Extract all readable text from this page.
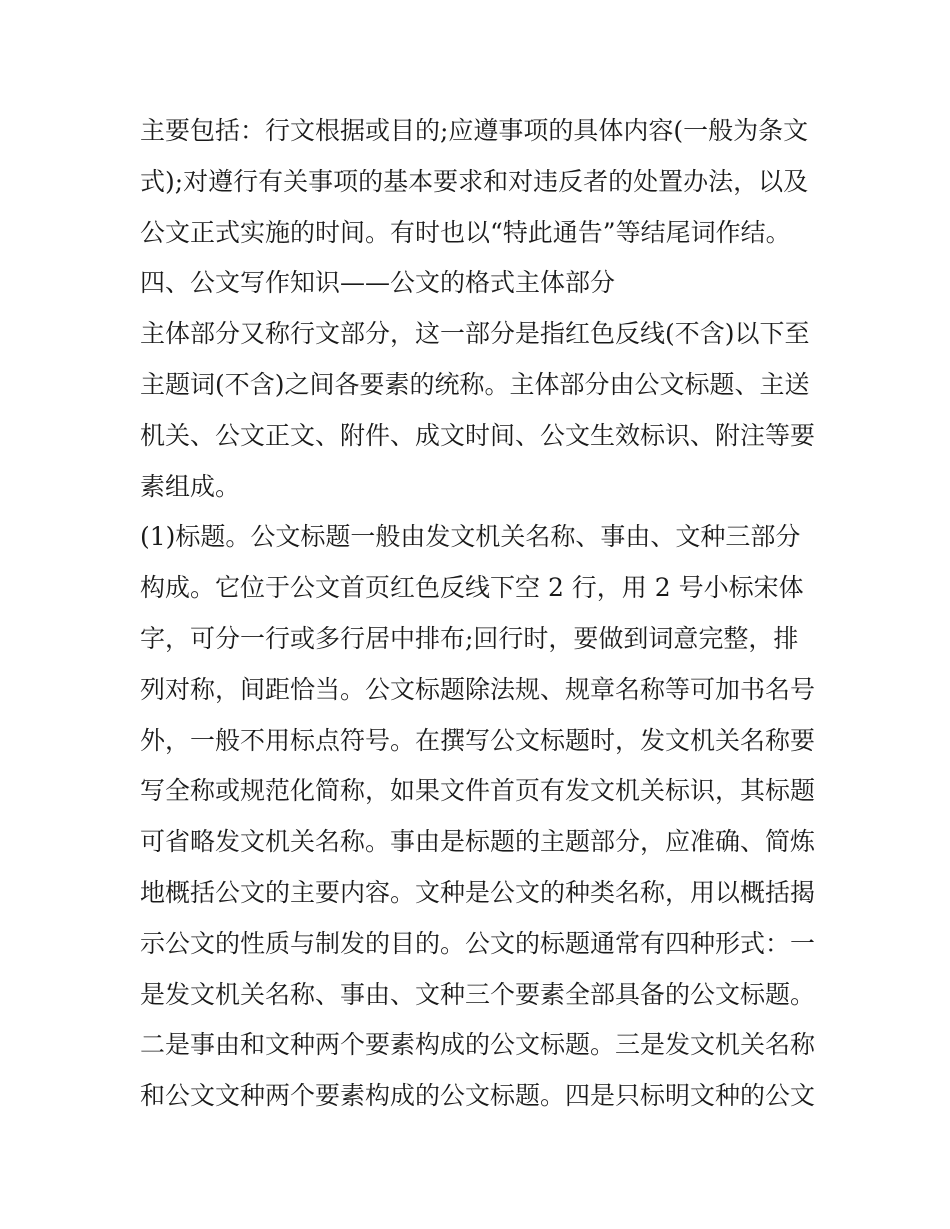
主要包括：行文根据或目的;应遵事项的具体内容(一般为条文
式);对遵行有关事项的基本要求和对违反者的处置办法，以及
公文正式实施的时间。有时也以“特此通告”等结尾词作结。
四、公文写作知识——公文的格式主体部分
主体部分又称行文部分，这一部分是指红色反线(不含)以下至
主题词(不含)之间各要素的统称。主体部分由公文标题、主送
机关、公文正文、附件、成文时间、公文生效标识、附注等要
素组成。
(1)标题。公文标题一般由发文机关名称、事由、文种三部分
构成。它位于公文首页红色反线下空 2 行，用 2 号小标宋体
字，可分一行或多行居中排布;回行时，要做到词意完整，排
列对称，间距恰当。公文标题除法规、规章名称等可加书名号
外，一般不用标点符号。在撰写公文标题时，发文机关名称要
写全称或规范化简称，如果文件首页有发文机关标识，其标题
可省略发文机关名称。事由是标题的主题部分，应准确、简炼
地概括公文的主要内容。文种是公文的种类名称，用以概括揭
示公文的性质与制发的目的。公文的标题通常有四种形式：一
是发文机关名称、事由、文种三个要素全部具备的公文标题。
二是事由和文种两个要素构成的公文标题。三是发文机关名称
和公文文种两个要素构成的公文标题。四是只标明文种的公文
